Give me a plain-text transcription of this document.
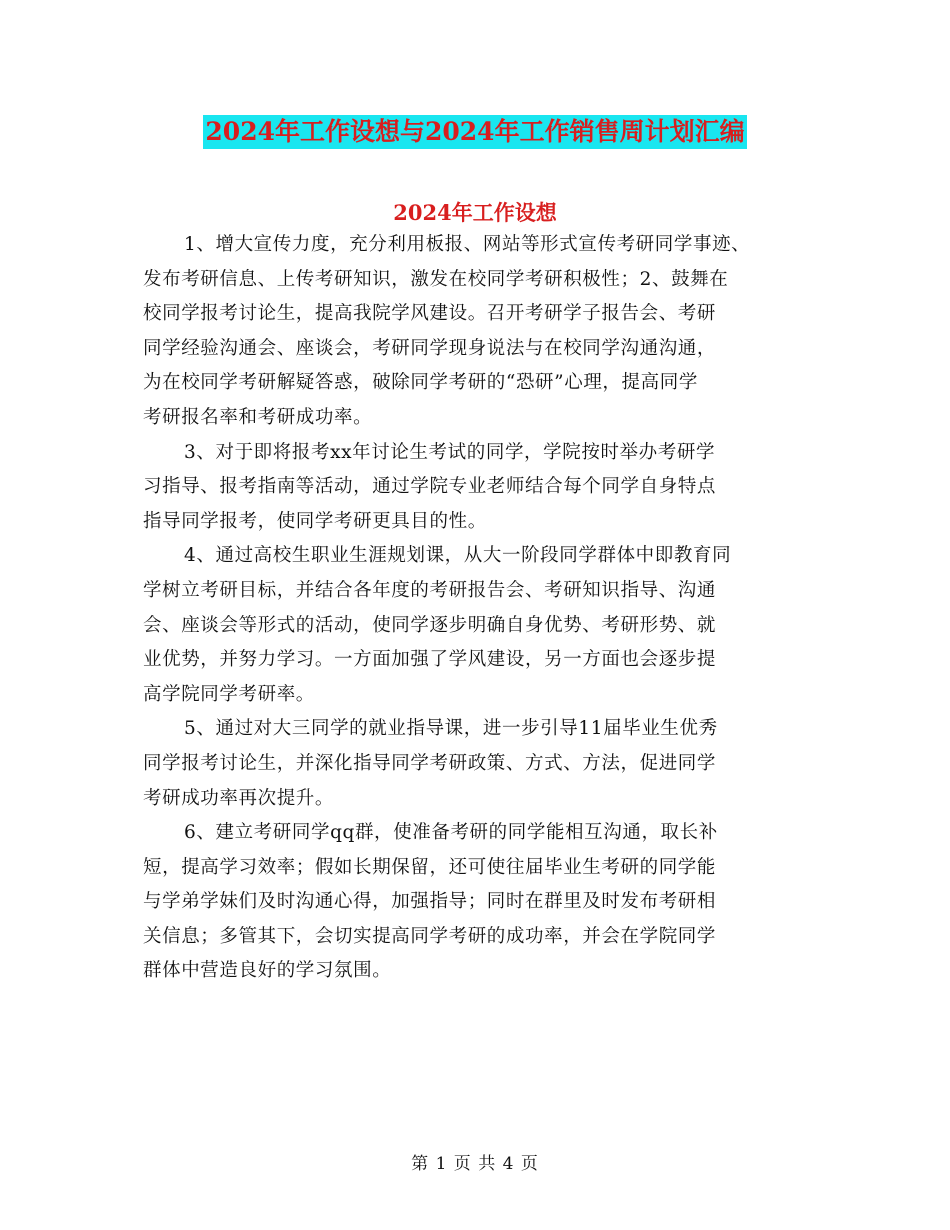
2024年工作设想与2024年工作销售周计划汇编
2024年工作设想

1、增大宣传力度，充分利用板报、网站等形式宣传考研同学事迹、
发布考研信息、上传考研知识，激发在校同学考研积极性；2、鼓舞在
校同学报考讨论生，提高我院学风建设。召开考研学子报告会、考研
同学经验沟通会、座谈会，考研同学现身说法与在校同学沟通沟通，
为在校同学考研解疑答惑，破除同学考研的“恐研”心理，提高同学
考研报名率和考研成功率。

3、对于即将报考xx年讨论生考试的同学，学院按时举办考研学
习指导、报考指南等活动，通过学院专业老师结合每个同学自身特点
指导同学报考，使同学考研更具目的性。

4、通过高校生职业生涯规划课，从大一阶段同学群体中即教育同
学树立考研目标，并结合各年度的考研报告会、考研知识指导、沟通
会、座谈会等形式的活动，使同学逐步明确自身优势、考研形势、就
业优势，并努力学习。一方面加强了学风建设，另一方面也会逐步提
高学院同学考研率。

5、通过对大三同学的就业指导课，进一步引导11届毕业生优秀
同学报考讨论生，并深化指导同学考研政策、方式、方法，促进同学
考研成功率再次提升。

6、建立考研同学qq群，使准备考研的同学能相互沟通，取长补
短，提高学习效率；假如长期保留，还可使往届毕业生考研的同学能
与学弟学妹们及时沟通心得，加强指导；同时在群里及时发布考研相
关信息；多管其下，会切实提高同学考研的成功率，并会在学院同学
群体中营造良好的学习氛围。

第 1 页 共 4 页
